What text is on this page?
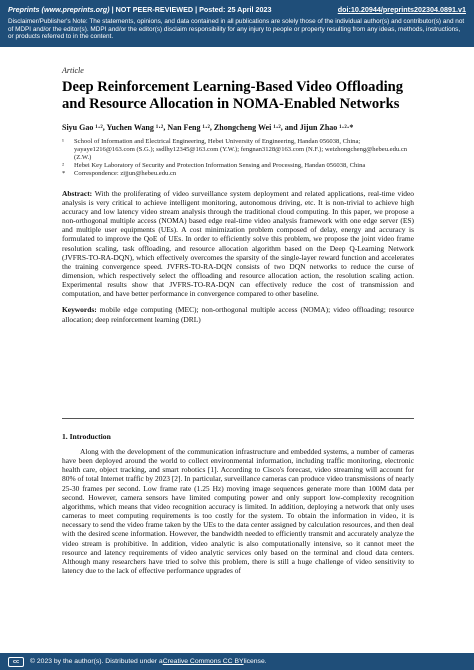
Preprints (www.preprints.org) | NOT PEER-REVIEWED | Posted: 25 April 2023	doi:10.20944/preprints202304.0891.v1
Disclaimer/Publisher's Note: The statements, opinions, and data contained in all publications are solely those of the individual author(s) and contributor(s) and not of MDPI and/or the editor(s). MDPI and/or the editor(s) disclaim responsibility for any injury to people or property resulting from any ideas, methods, instructions, or products referred to in the content.
Article
Deep Reinforcement Learning-Based Video Offloading and Resource Allocation in NOMA-Enabled Networks
Siyu Gao ¹·², Yuchen Wang ¹·², Nan Feng ¹·², Zhongcheng Wei ¹·², and Jijun Zhao ¹·²·*
¹	School of Information and Electrical Engineering, Hebei University of Engineering, Handan 056038, China; yayaye1216@163.com (S.G.); ssdlhy12345@163.com (Y.W.); fengnan3128@163.com (N.F.); weizhongcheng@hebeu.edu.cn (Z.W.)
²	Hebei Key Laboratory of Security and Protection Information Sensing and Processing, Handan 056038, China
*	Correspondence: zijjun@hebeu.edu.cn
Abstract: With the proliferating of video surveillance system deployment and related applications, real-time video analysis is very critical to achieve intelligent monitoring, autonomous driving, etc. It is non-trivial to achieve high accuracy and low latency video stream analysis through the traditional cloud computing. In this paper, we propose a non-orthogonal multiple access (NOMA) based edge real-time video analysis framework with one edge server (ES) and multiple user equipments (UEs). A cost minimization problem composed of delay, energy and accuracy is formulated to improve the QoE of UEs. In order to efficiently solve this problem, we propose the joint video frame resolution scaling, task offloading, and resource allocation algorithm based on the Deep Q-Learning Network (JVFRS-TO-RA-DQN), which effectively overcomes the sparsity of the single-layer reward function and accelerates the training convergence speed. JVFRS-TO-RA-DQN consists of two DQN networks to reduce the curse of dimension, which respectively select the offloading and resource allocation action, the resolution scaling action. Experimental results show that JVFRS-TO-RA-DQN can effectively reduce the cost of transmission and computation, and have better performance in convergence compared to other baseline.
Keywords: mobile edge computing (MEC); non-orthogonal multiple access (NOMA); video offloading; resource allocation; deep reinforcement learning (DRL)
1. Introduction
Along with the development of the communication infrastructure and embedded systems, a number of cameras have been deployed around the world to collect environmental information, including traffic monitoring, electronic health care, object tracking, and smart robotics [1]. According to Cisco's forecast, video streaming will account for 80% of total Internet traffic by 2023 [2]. In particular, surveillance cameras can produce video transmissions of nearly 25-30 frames per second. Low frame rate (1.25 Hz) moving image sequences generate more than 100M data per second. However, camera sensors have limited computing power and only support low-complexity recognition algorithms, which means that video recognition accuracy is limited. In addition, deploying a network that only uses cameras to meet computing requirements is too costly for the system. To obtain the information in video, it is necessary to send the video frame taken by the UEs to the data center assigned by calculation resources, and then deal with the desired scene information. However, the bandwidth needed to efficiently transmit and accurately analyze the video stream is prohibitive. In addition, video analytic is also computationally intensive, so it cannot meet the resource and latency requirements of video analytic services only based on the terminal and cloud data centers. Although many researchers have tried to solve this problem, there is still a huge challenge of video sensitivity to latency due to the lack of effective performance upgrades of
cc	© 2023 by the author(s). Distributed under a Creative Commons CC BY license.
